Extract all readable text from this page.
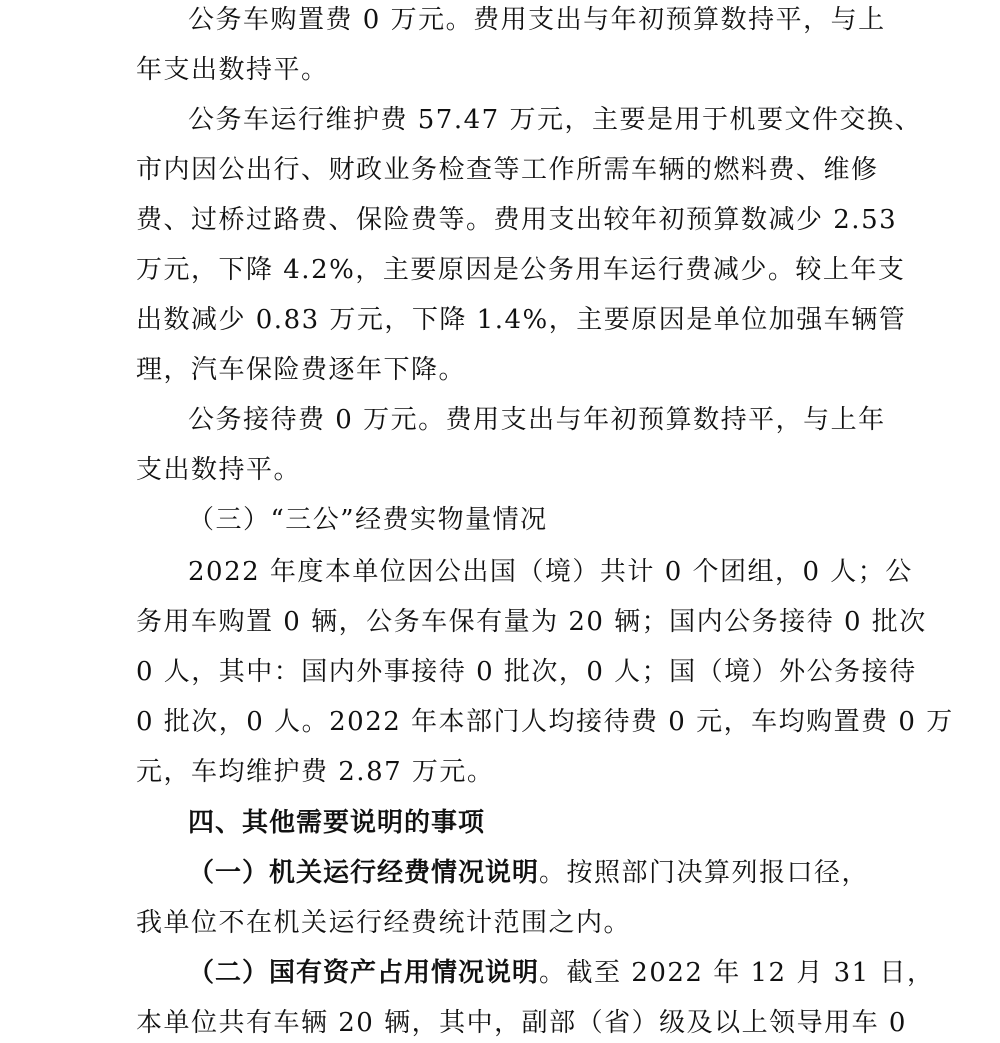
公务车购置费 0 万元。费用支出与年初预算数持平，与上
年支出数持平。
公务车运行维护费 57.47 万元，主要是用于机要文件交换、
市内因公出行、财政业务检查等工作所需车辆的燃料费、维修
费、过桥过路费、保险费等。费用支出较年初预算数减少 2.53
万元，下降 4.2%，主要原因是公务用车运行费减少。较上年支
出数减少 0.83 万元，下降 1.4%，主要原因是单位加强车辆管
理，汽车保险费逐年下降。
公务接待费 0 万元。费用支出与年初预算数持平，与上年
支出数持平。
（三）“三公”经费实物量情况
2022 年度本单位因公出国（境）共计 0 个团组，0 人；公
务用车购置 0 辆，公务车保有量为 20 辆；国内公务接待 0 批次
0 人，其中：国内外事接待 0 批次，0 人；国（境）外公务接待
0 批次，0 人。2022 年本部门人均接待费 0 元，车均购置费 0 万
元，车均维护费 2.87 万元。
四、其他需要说明的事项
（一）机关运行经费情况说明。按照部门决算列报口径，
我单位不在机关运行经费统计范围之内。
（二）国有资产占用情况说明。截至 2022 年 12 月 31 日，
本单位共有车辆 20 辆，其中，副部（省）级及以上领导用车 0
